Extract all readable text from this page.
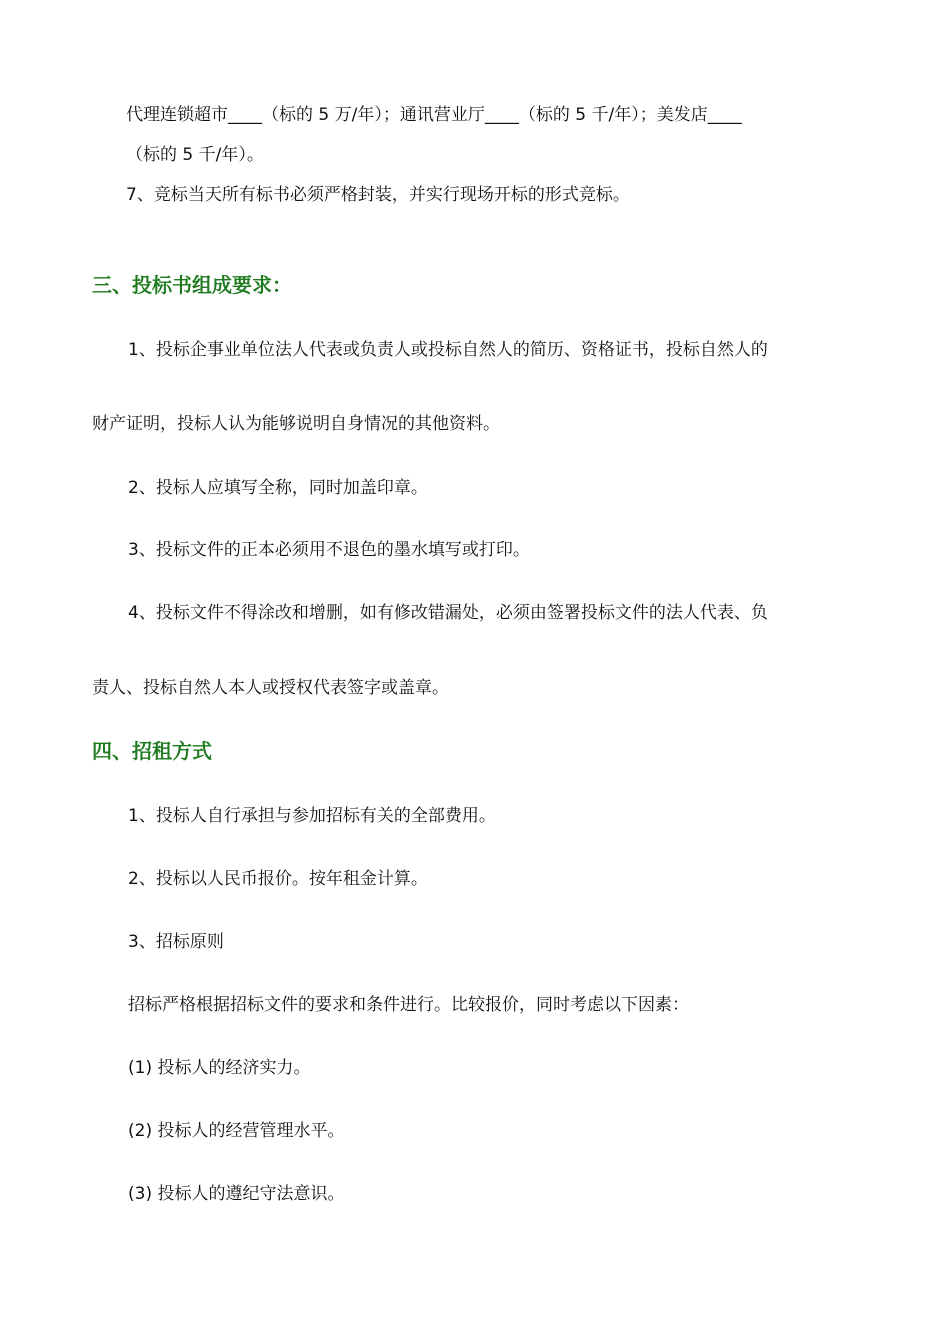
代理连锁超市____（标的 5 万/年）；通讯营业厅____（标的 5 千/年）；美发店____
（标的 5 千/年）。
7、竞标当天所有标书必须严格封装，并实行现场开标的形式竞标。
三、投标书组成要求：
1、投标企事业单位法人代表或负责人或投标自然人的简历、资格证书，投标自然人的
财产证明，投标人认为能够说明自身情况的其他资料。
2、投标人应填写全称，同时加盖印章。
3、投标文件的正本必须用不退色的墨水填写或打印。
4、投标文件不得涂改和增删，如有修改错漏处，必须由签署投标文件的法人代表、负
责人、投标自然人本人或授权代表签字或盖章。
四、招租方式
1、投标人自行承担与参加招标有关的全部费用。
2、投标以人民币报价。按年租金计算。
3、招标原则
招标严格根据招标文件的要求和条件进行。比较报价，同时考虑以下因素：
(1) 投标人的经济实力。
(2) 投标人的经营管理水平。
(3) 投标人的遵纪守法意识。
